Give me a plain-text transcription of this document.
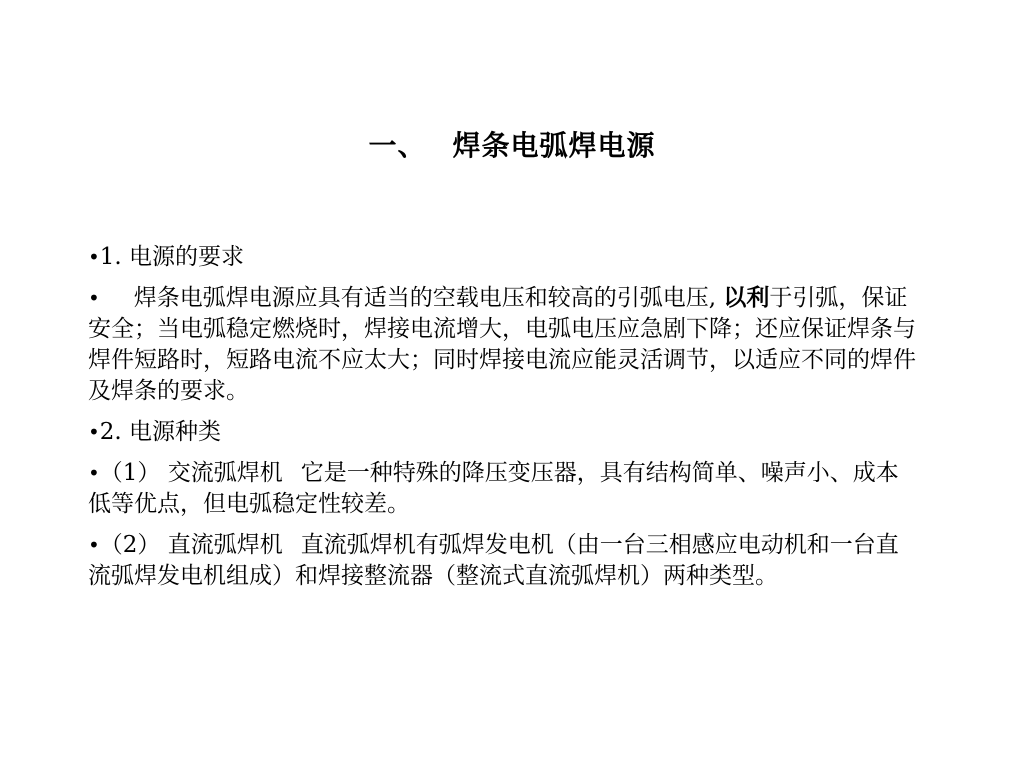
一、 焊条电弧焊电源
•1. 电源的要求
• 焊条电弧焊电源应具有适当的空载电压和较高的引弧电压, 以利于引弧，保证安全；当电弧稳定燃烧时，焊接电流增大，电弧电压应急剧下降；还应保证焊条与焊件短路时，短路电流不应太大；同时焊接电流应能灵活调节，以适应不同的焊件及焊条的要求。
•2. 电源种类
•（1） 交流弧焊机 它是一种特殊的降压变压器，具有结构简单、噪声小、成本低等优点，但电弧稳定性较差。
•（2） 直流弧焊机 直流弧焊机有弧焊发电机（由一台三相感应电动机和一台直流弧焊发电机组成）和焊接整流器（整流式直流弧焊机）两种类型。
